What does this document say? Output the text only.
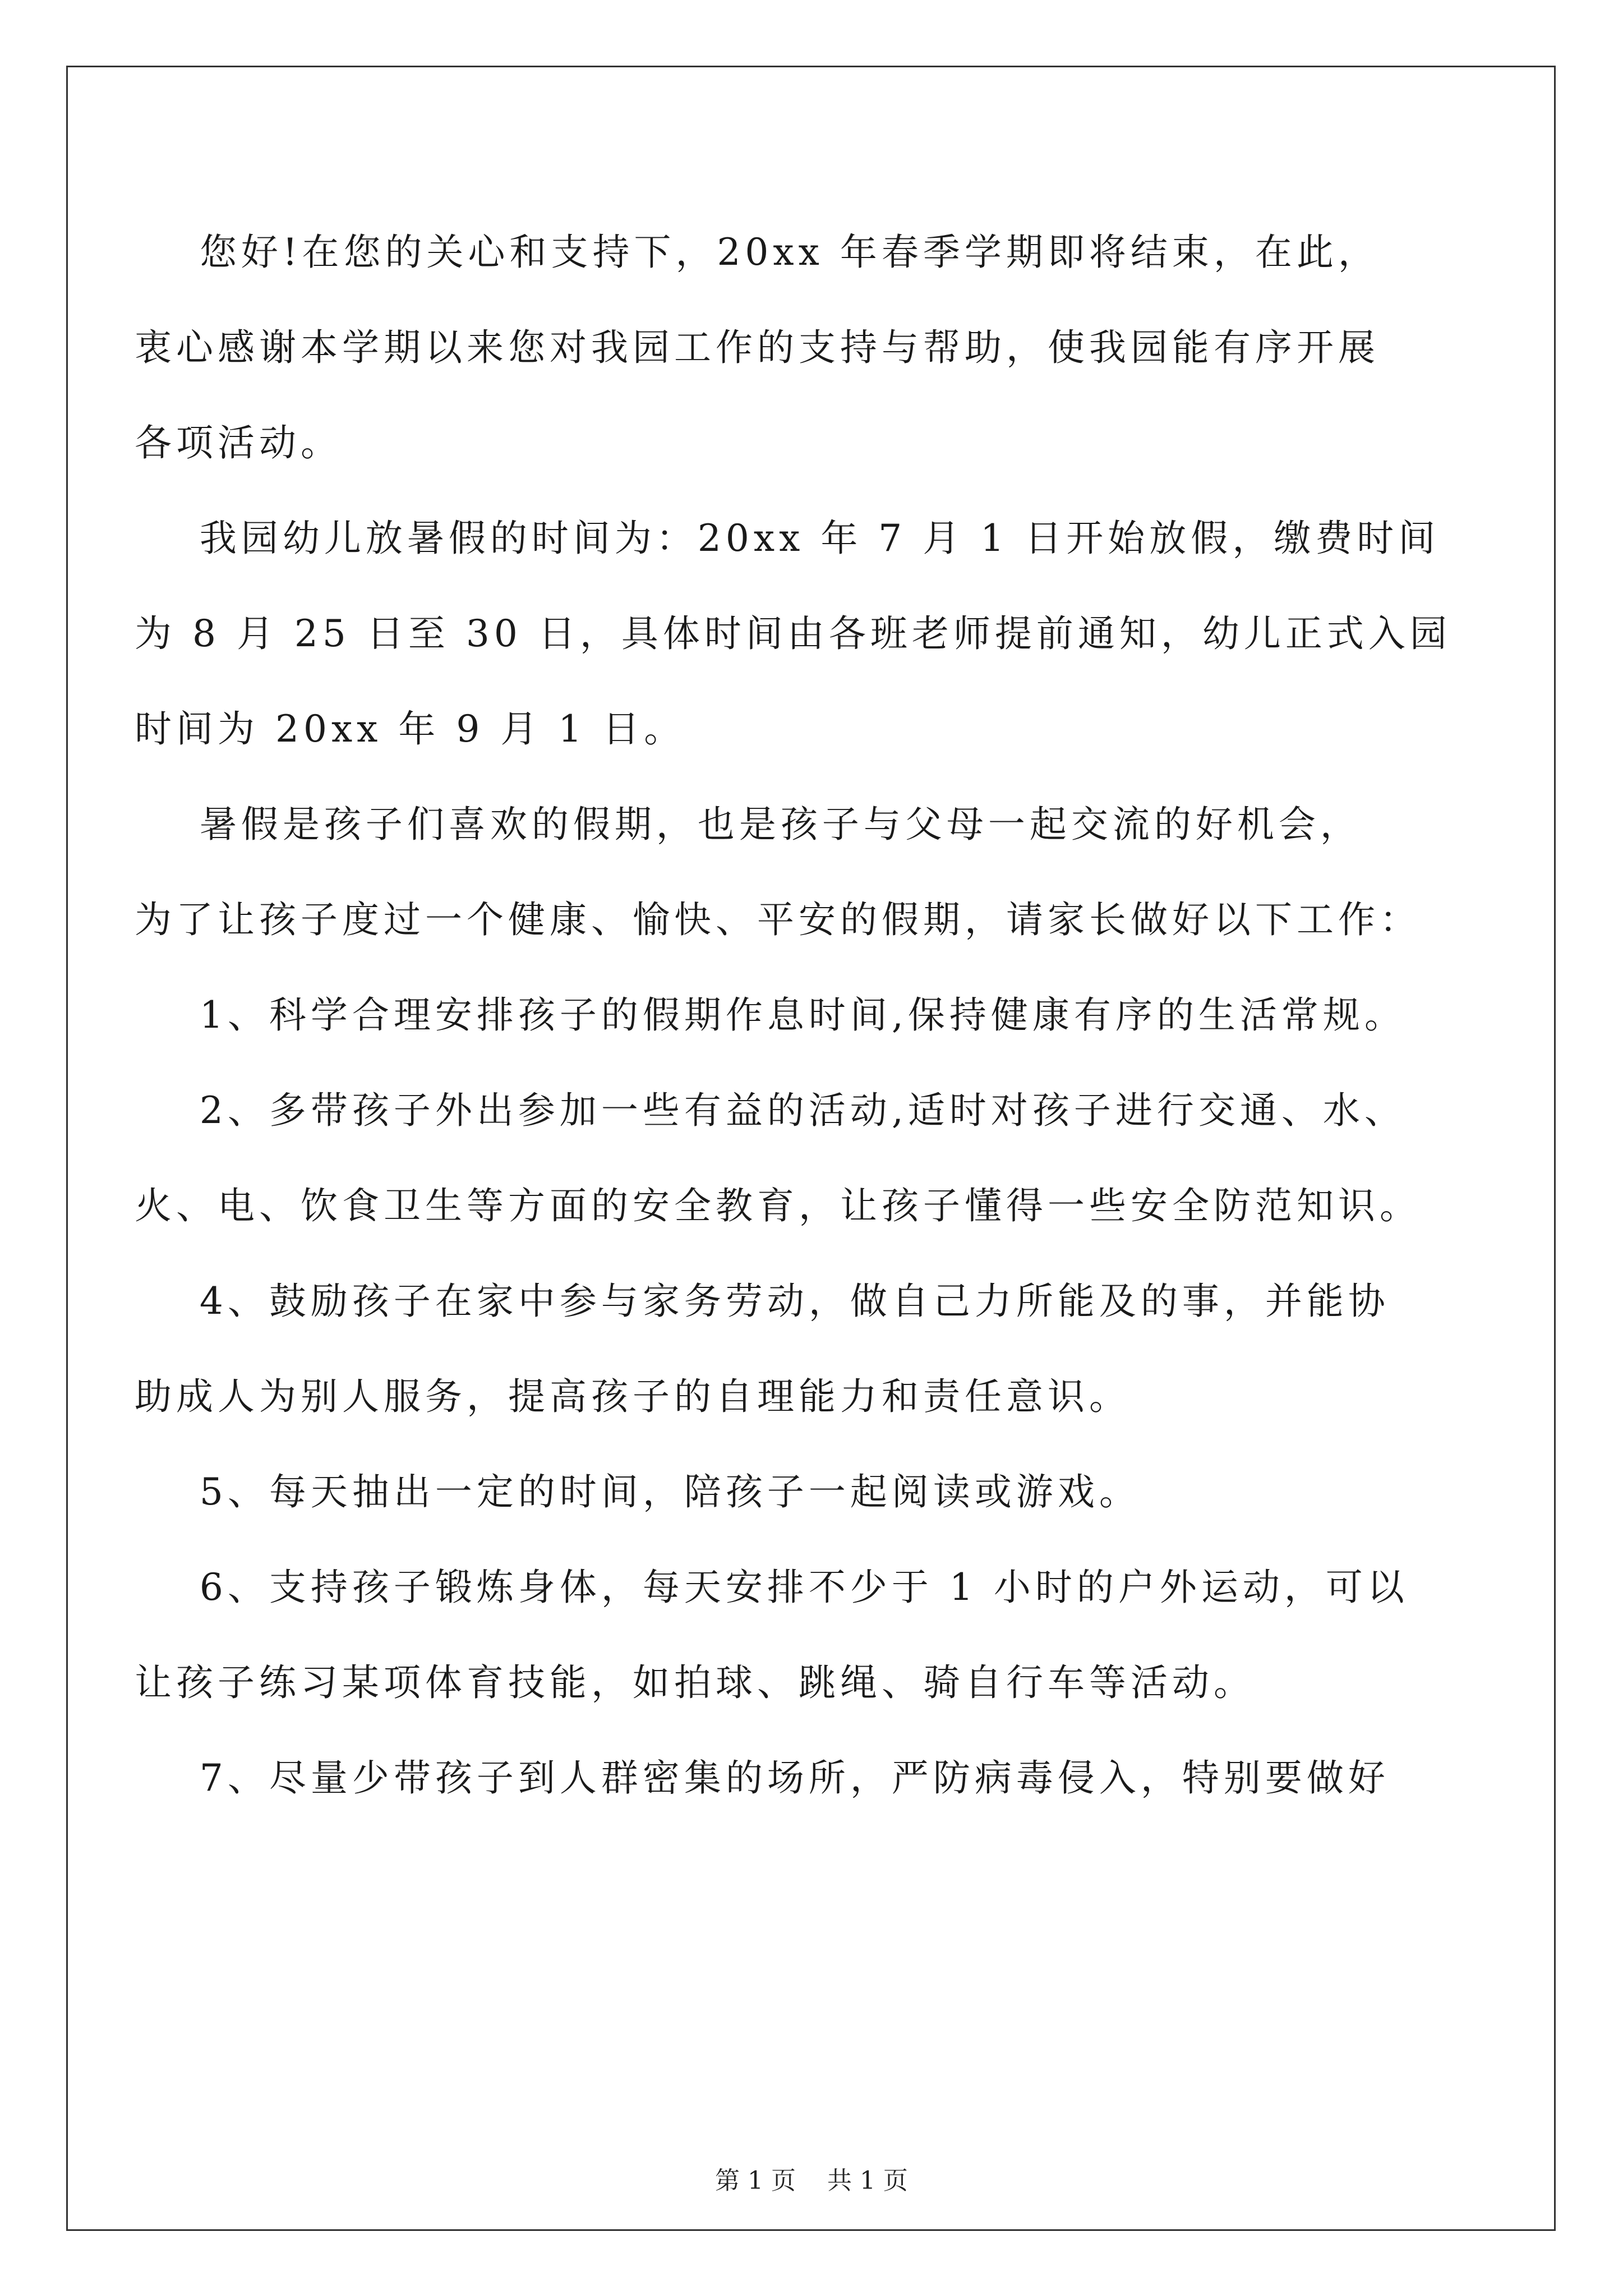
您好!在您的关心和支持下，20xx 年春季学期即将结束，在此，

衷心感谢本学期以来您对我园工作的支持与帮助，使我园能有序开展

各项活动。

我园幼儿放暑假的时间为：20xx 年 7 月 1 日开始放假，缴费时间

为 8 月 25 日至 30 日，具体时间由各班老师提前通知，幼儿正式入园

时间为 20xx 年 9 月 1 日。

暑假是孩子们喜欢的假期，也是孩子与父母一起交流的好机会，

为了让孩子度过一个健康、愉快、平安的假期，请家长做好以下工作：

1、科学合理安排孩子的假期作息时间,保持健康有序的生活常规。

2、多带孩子外出参加一些有益的活动,适时对孩子进行交通、水、

火、电、饮食卫生等方面的安全教育，让孩子懂得一些安全防范知识。

4、鼓励孩子在家中参与家务劳动，做自己力所能及的事，并能协

助成人为别人服务，提高孩子的自理能力和责任意识。

5、每天抽出一定的时间，陪孩子一起阅读或游戏。

6、支持孩子锻炼身体，每天安排不少于 1 小时的户外运动，可以

让孩子练习某项体育技能，如拍球、跳绳、骑自行车等活动。

7、尽量少带孩子到人群密集的场所，严防病毒侵入，特别要做好

第 1 页    共 1 页
